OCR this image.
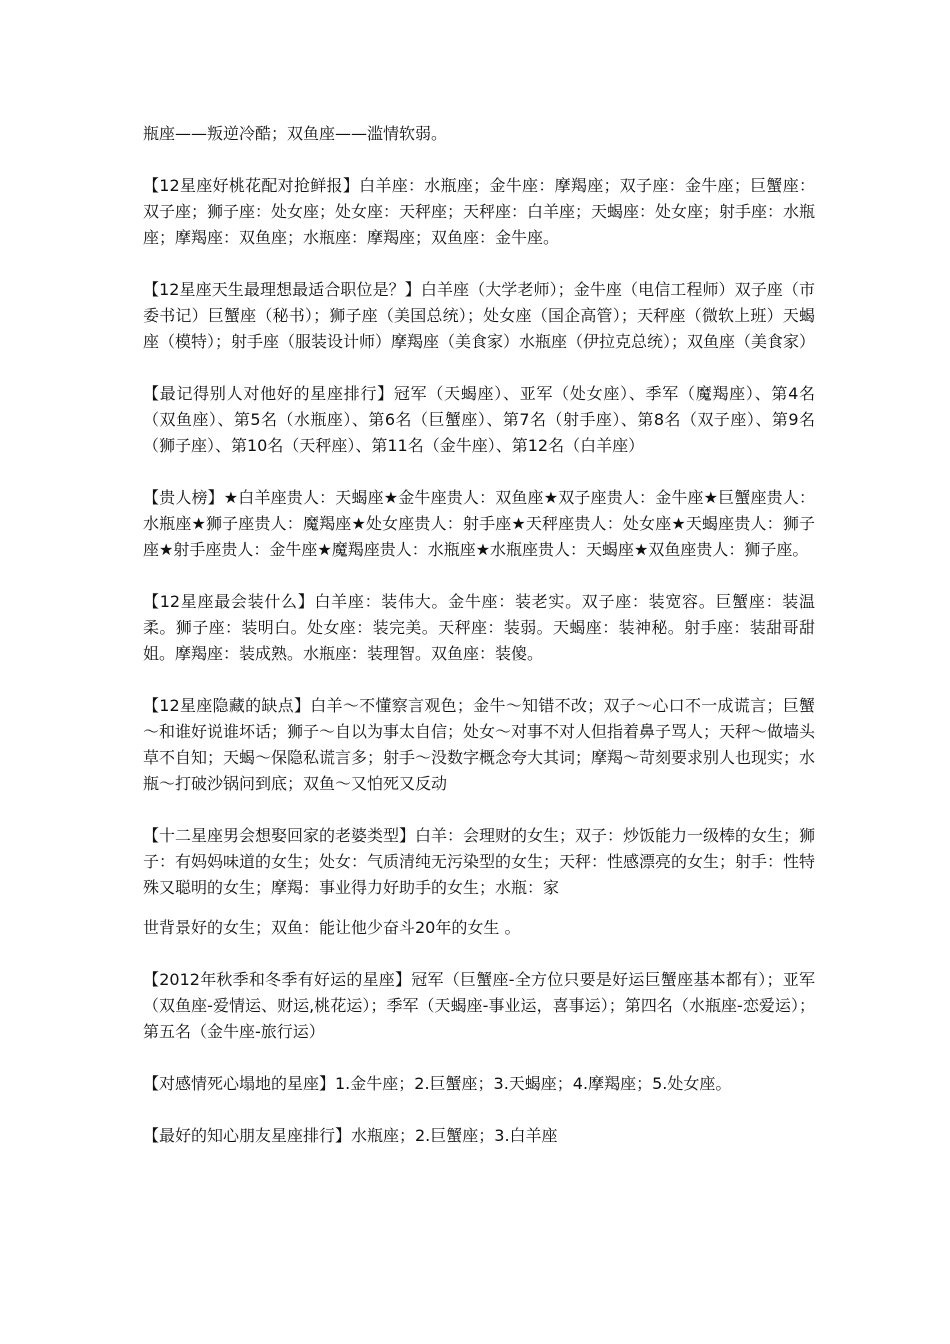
瓶座——叛逆冷酷；双鱼座——滥情软弱。

【12星座好桃花配对抢鲜报】白羊座：水瓶座；金牛座：摩羯座；双子座：金牛座；巨蟹座：双子座；狮子座：处女座；处女座：天秤座；天秤座：白羊座；天蝎座：处女座；射手座：水瓶座；摩羯座：双鱼座；水瓶座：摩羯座；双鱼座：金牛座。

【12星座天生最理想最适合职位是？】白羊座（大学老师）；金牛座（电信工程师）双子座（市委书记）巨蟹座（秘书）；狮子座（美国总统）；处女座（国企高管）；天秤座（微软上班）天蝎座（模特）；射手座（服装设计师）摩羯座（美食家）水瓶座（伊拉克总统）；双鱼座（美食家）

【最记得别人对他好的星座排行】冠军（天蝎座）、亚军（处女座）、季军（魔羯座）、第4名（双鱼座）、第5名（水瓶座）、第6名（巨蟹座）、第7名（射手座）、第8名（双子座）、第9名（狮子座）、第10名（天秤座）、第11名（金牛座）、第12名（白羊座）

【贵人榜】★白羊座贵人：天蝎座★金牛座贵人：双鱼座★双子座贵人：金牛座★巨蟹座贵人：水瓶座★狮子座贵人：魔羯座★处女座贵人：射手座★天秤座贵人：处女座★天蝎座贵人：狮子座★射手座贵人：金牛座★魔羯座贵人：水瓶座★水瓶座贵人：天蝎座★双鱼座贵人：狮子座。

【12星座最会装什么】白羊座：装伟大。金牛座：装老实。双子座：装宽容。巨蟹座：装温柔。狮子座：装明白。处女座：装完美。天秤座：装弱。天蝎座：装神秘。射手座：装甜哥甜姐。摩羯座：装成熟。水瓶座：装理智。双鱼座：装傻。

【12星座隐藏的缺点】白羊～不懂察言观色；金牛～知错不改；双子～心口不一成谎言；巨蟹～和谁好说谁坏话；狮子～自以为事太自信；处女～对事不对人但指着鼻子骂人；天秤～做墙头草不自知；天蝎～保隐私谎言多；射手～没数字概念夸大其词；摩羯～苛刻要求别人也现实；水瓶～打破沙锅问到底；双鱼～又怕死又反动

【十二星座男会想娶回家的老婆类型】白羊：会理财的女生；双子：炒饭能力一级棒的女生；狮子：有妈妈味道的女生；处女：气质清纯无污染型的女生；天秤：性感漂亮的女生；射手：性特殊又聪明的女生；摩羯：事业得力好助手的女生；水瓶：家

世背景好的女生；双鱼：能让他少奋斗20年的女生 。

【2012年秋季和冬季有好运的星座】冠军（巨蟹座-全方位只要是好运巨蟹座基本都有）；亚军（双鱼座-爱情运、财运,桃花运）；季军（天蝎座-事业运，喜事运）；第四名（水瓶座-恋爱运）；第五名（金牛座-旅行运）

【对感情死心塌地的星座】1.金牛座；2.巨蟹座；3.天蝎座；4.摩羯座；5.处女座。

【最好的知心朋友星座排行】水瓶座；2.巨蟹座；3.白羊座
